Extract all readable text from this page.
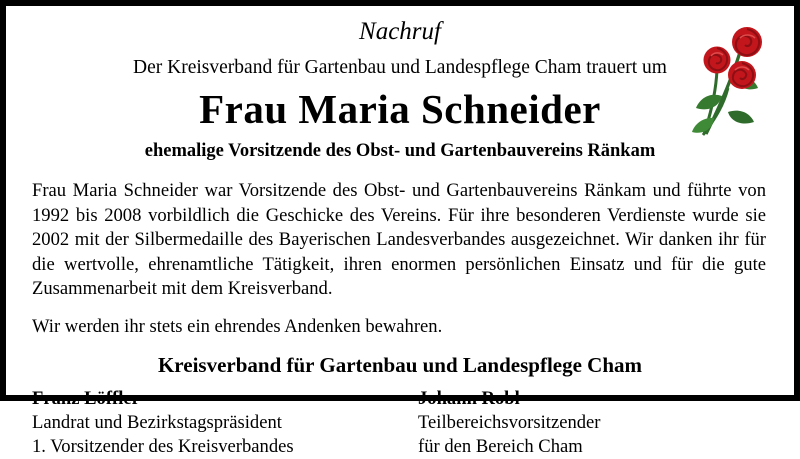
Nachruf
Der Kreisverband für Gartenbau und Landespflege Cham trauert um
Frau Maria Schneider
ehemalige Vorsitzende des Obst- und Gartenbauvereins Ränkam

Frau Maria Schneider war Vorsitzende des Obst- und Gartenbauvereins Ränkam und führte von 1992 bis 2008 vorbildlich die Geschicke des Vereins. Für ihre besonderen Verdienste wurde sie 2002 mit der Silbermedaille des Bayerischen Landesverbandes ausgezeichnet. Wir danken ihr für die wertvolle, ehrenamtliche Tätigkeit, ihren enormen persönlichen Einsatz und für die gute Zusammenarbeit mit dem Kreisverband.

Wir werden ihr stets ein ehrendes Andenken bewahren.

Kreisverband für Gartenbau und Landespflege Cham
Franz Löffler
Landrat und Bezirkstagspräsident
1. Vorsitzender des Kreisverbandes
Johann Robl
Teilbereichsvorsitzender
für den Bereich Cham
